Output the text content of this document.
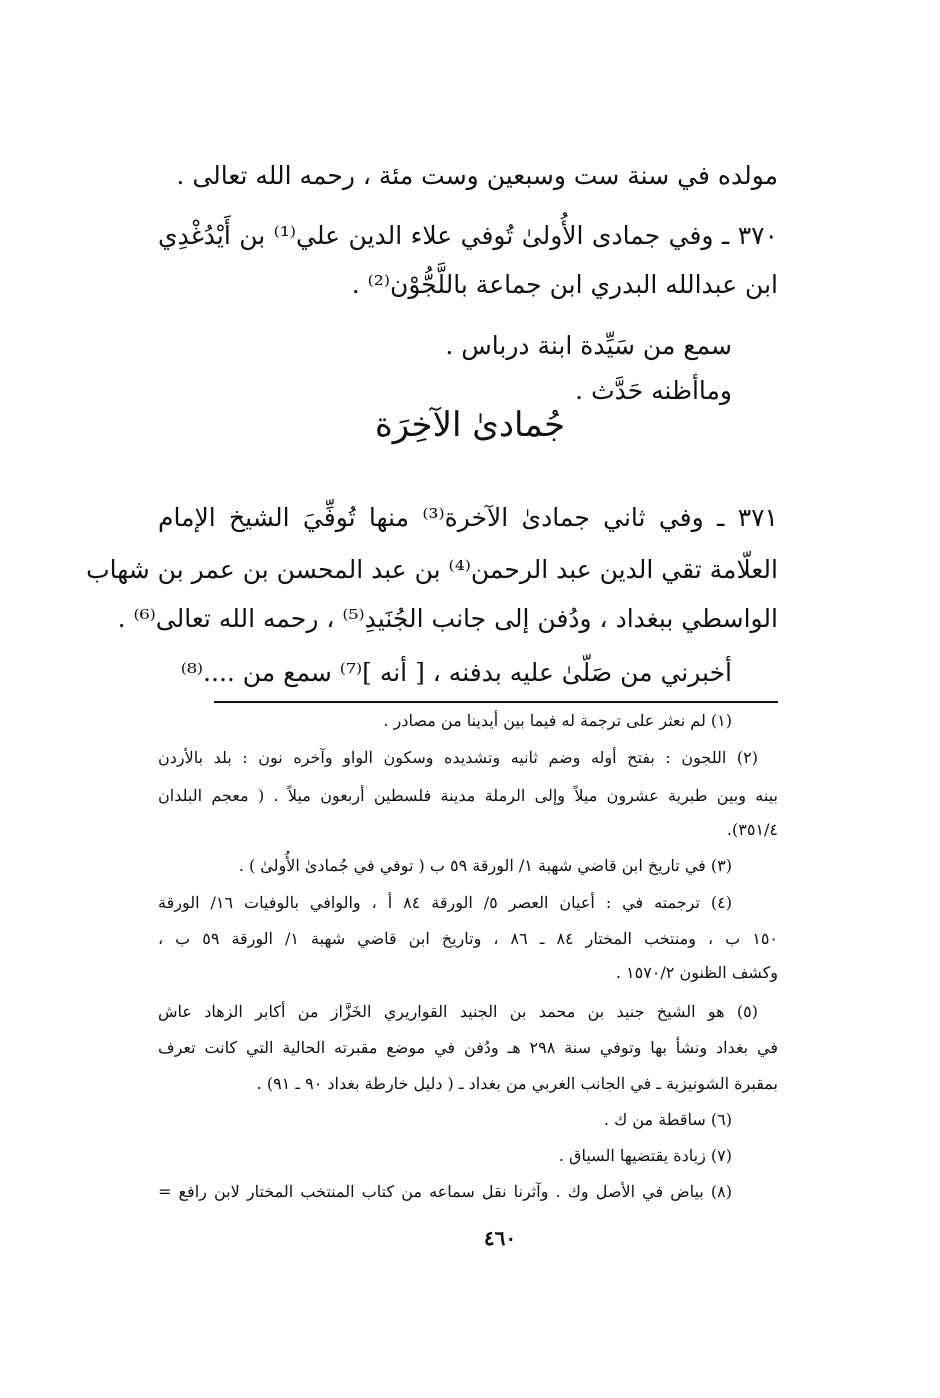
مولده في سنة ست وسبعين وست مئة ، رحمه الله تعالى .
٣٧٠ ـ وفي جمادى الأُولىٰ تُوفي علاء الدين علي⁽¹⁾ بن أَيْدُغْدِي
ابن عبدالله البدري ابن جماعة باللَّجُّوْن⁽²⁾ .
سمع من سَيِّدة ابنة درباس .
وماأظنه حَدَّث .
جُمادىٰ الآخِرَة
٣٧١ ـ وفي ثاني جمادىٰ الآخرة⁽³⁾ منها تُوفِّيَ الشيخ الإمام
العلّامة تقي الدين عبد الرحمن⁽⁴⁾ بن عبد المحسن بن عمر بن شهاب
الواسطي ببغداد ، ودُفن إلى جانب الجُنَيدِ⁽⁵⁾ ، رحمه الله تعالى⁽⁶⁾ .
أخبرني من صَلّىٰ عليه بدفنه ، [ أنه ]⁽⁷⁾ سمع من ....⁽⁸⁾
(١) لم نعثر على ترجمة له فيما بين أيدينا من مصادر .
(٢) اللجون : بفتح أوله وضم ثانيه وتشديده وسكون الواو وآخره نون : بلد بالأردن
بينه وبين طبرية عشرون ميلاً وإلى الرملة مدينة فلسطين أربعون ميلاً . ( معجم البلدان
٣٥١/٤).
(٣) في تاريخ ابن قاضي شهبة ١/ الورقة ٥٩ ب ( توفي في جُمادىٰ الأُولىٰ ) .
(٤) ترجمته في : أعيان العصر ٥/ الورقة ٨٤ أ ، والوافي بالوفيات ١٦/ الورقة
١٥٠ ب ، ومنتخب المختار ٨٤ ـ ٨٦ ، وتاريخ ابن قاضي شهبة ١/ الورقة ٥٩ ب ،
وكشف الظنون ١٥٧٠/٢ .
(٥) هو الشيخ جنيد بن محمد بن الجنيد القواريري الخَزَّاز من أكابر الزهاد عاش
في بغداد ونشأ بها وتوفي سنة ٢٩٨ هـ ودُفن في موضع مقبرته الحالية التي كانت تعرف
بمقبرة الشونيزية ـ في الجانب الغربي من بغداد ـ ( دليل خارطة بغداد ٩٠ ـ ٩١) .
(٦) ساقطة من ك .
(٧) زيادة يقتضيها السياق .
(٨) بياض في الأصل وك . وآثرنا نقل سماعه من كتاب المنتخب المختار لابن رافع =
٤٦٠
